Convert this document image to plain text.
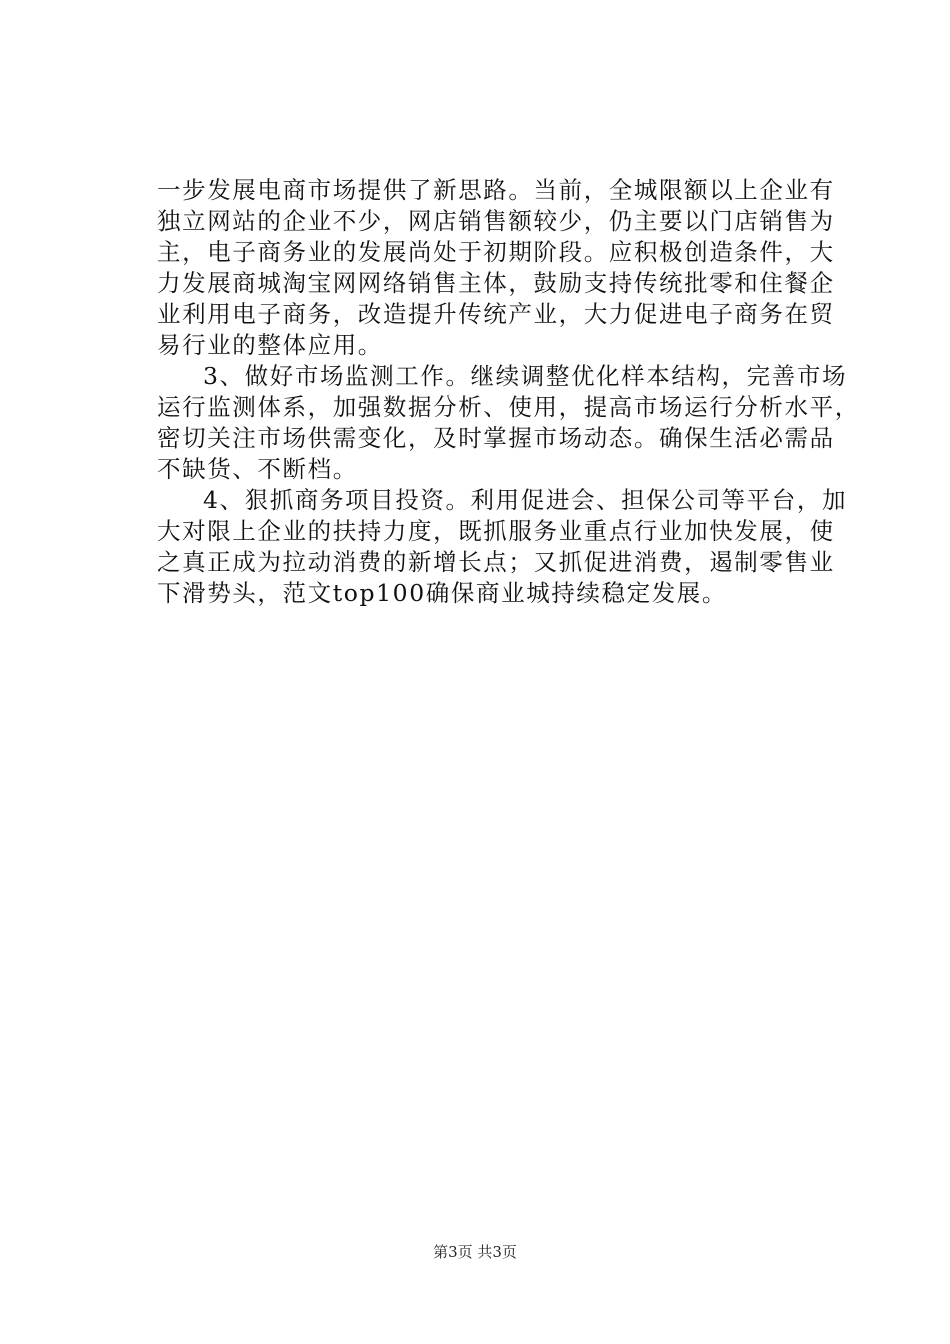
一步发展电商市场提供了新思路。当前，全城限额以上企业有
独立网站的企业不少，网店销售额较少，仍主要以门店销售为
主，电子商务业的发展尚处于初期阶段。应积极创造条件，大
力发展商城淘宝网网络销售主体，鼓励支持传统批零和住餐企
业利用电子商务，改造提升传统产业，大力促进电子商务在贸
易行业的整体应用。
3、做好市场监测工作。继续调整优化样本结构，完善市场
运行监测体系，加强数据分析、使用，提高市场运行分析水平，
密切关注市场供需变化，及时掌握市场动态。确保生活必需品
不缺货、不断档。
4、狠抓商务项目投资。利用促进会、担保公司等平台，加
大对限上企业的扶持力度，既抓服务业重点行业加快发展，使
之真正成为拉动消费的新增长点；又抓促进消费，遏制零售业
下滑势头，范文top100确保商业城持续稳定发展。
第3页 共3页
